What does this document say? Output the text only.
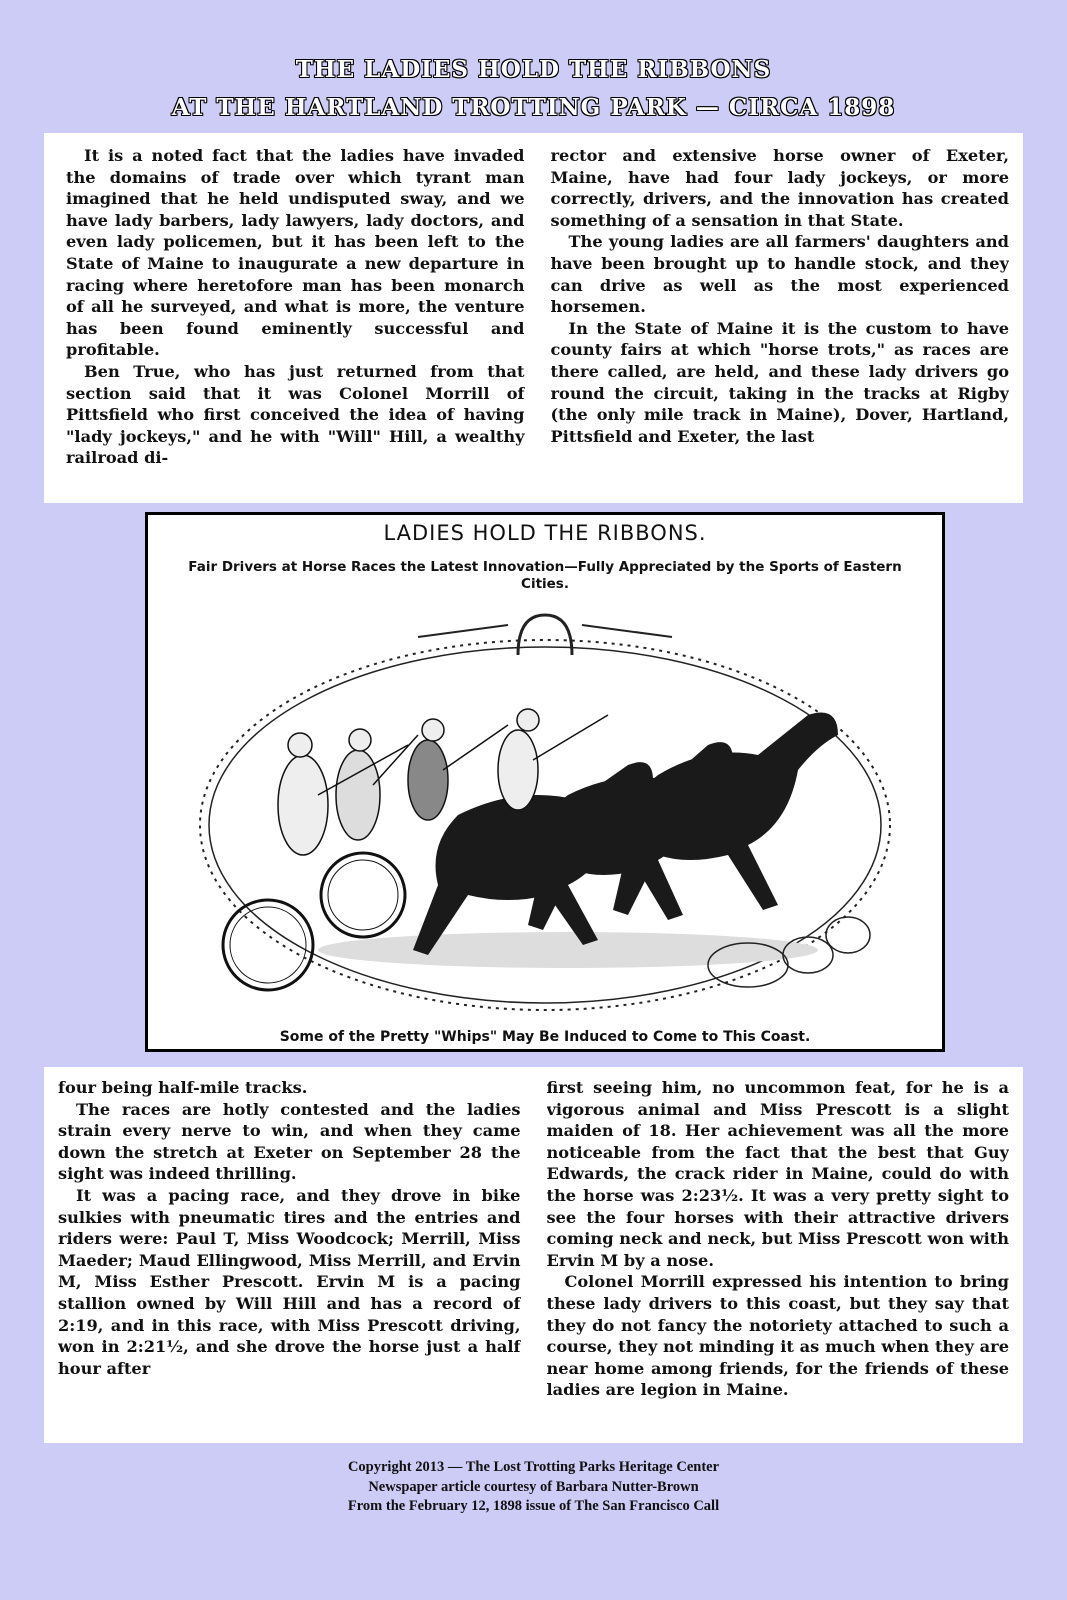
THE LADIES HOLD THE RIBBONS
AT THE HARTLAND TROTTING PARK — CIRCA 1898

It is a noted fact that the ladies have invaded the domains of trade over which tyrant man imagined that he held undisputed sway, and we have lady barbers, lady lawyers, lady doctors, and even lady policemen, but it has been left to the State of Maine to inaugurate a new departure in racing where heretofore man has been monarch of all he surveyed, and what is more, the venture has been found eminently successful and profitable.

Ben True, who has just returned from that section said that it was Colonel Morrill of Pittsfield who first conceived the idea of having "lady jockeys," and he with "Will" Hill, a wealthy railroad di-

rector and extensive horse owner of Exeter, Maine, have had four lady jockeys, or more correctly, drivers, and the innovation has created something of a sensation in that State.

The young ladies are all farmers' daughters and have been brought up to handle stock, and they can drive as well as the most experienced horsemen.

In the State of Maine it is the custom to have county fairs at which "horse trots," as races are there called, are held, and these lady drivers go round the circuit, taking in the tracks at Rigby (the only mile track in Maine), Dover, Hartland, Pittsfield and Exeter, the last

LADIES HOLD THE RIBBONS.
Fair Drivers at Horse Races the Latest Innovation—Fully Appreciated by the Sports of Eastern Cities.
Some of the Pretty "Whips" May Be Induced to Come to This Coast.

four being half-mile tracks.

The races are hotly contested and the ladies strain every nerve to win, and when they came down the stretch at Exeter on September 28 the sight was indeed thrilling.

It was a pacing race, and they drove in bike sulkies with pneumatic tires and the entries and riders were: Paul T, Miss Woodcock; Merrill, Miss Maeder; Maud Ellingwood, Miss Merrill, and Ervin M, Miss Esther Prescott. Ervin M is a pacing stallion owned by Will Hill and has a record of 2:19, and in this race, with Miss Prescott driving, won in 2:21½, and she drove the horse just a half hour after

first seeing him, no uncommon feat, for he is a vigorous animal and Miss Prescott is a slight maiden of 18. Her achievement was all the more noticeable from the fact that the best that Guy Edwards, the crack rider in Maine, could do with the horse was 2:23½. It was a very pretty sight to see the four horses with their attractive drivers coming neck and neck, but Miss Prescott won with Ervin M by a nose.

Colonel Morrill expressed his intention to bring these lady drivers to this coast, but they say that they do not fancy the notoriety attached to such a course, they not minding it as much when they are near home among friends, for the friends of these ladies are legion in Maine.

Copyright 2013 — The Lost Trotting Parks Heritage Center
Newspaper article courtesy of Barbara Nutter-Brown
From the February 12, 1898 issue of The San Francisco Call
